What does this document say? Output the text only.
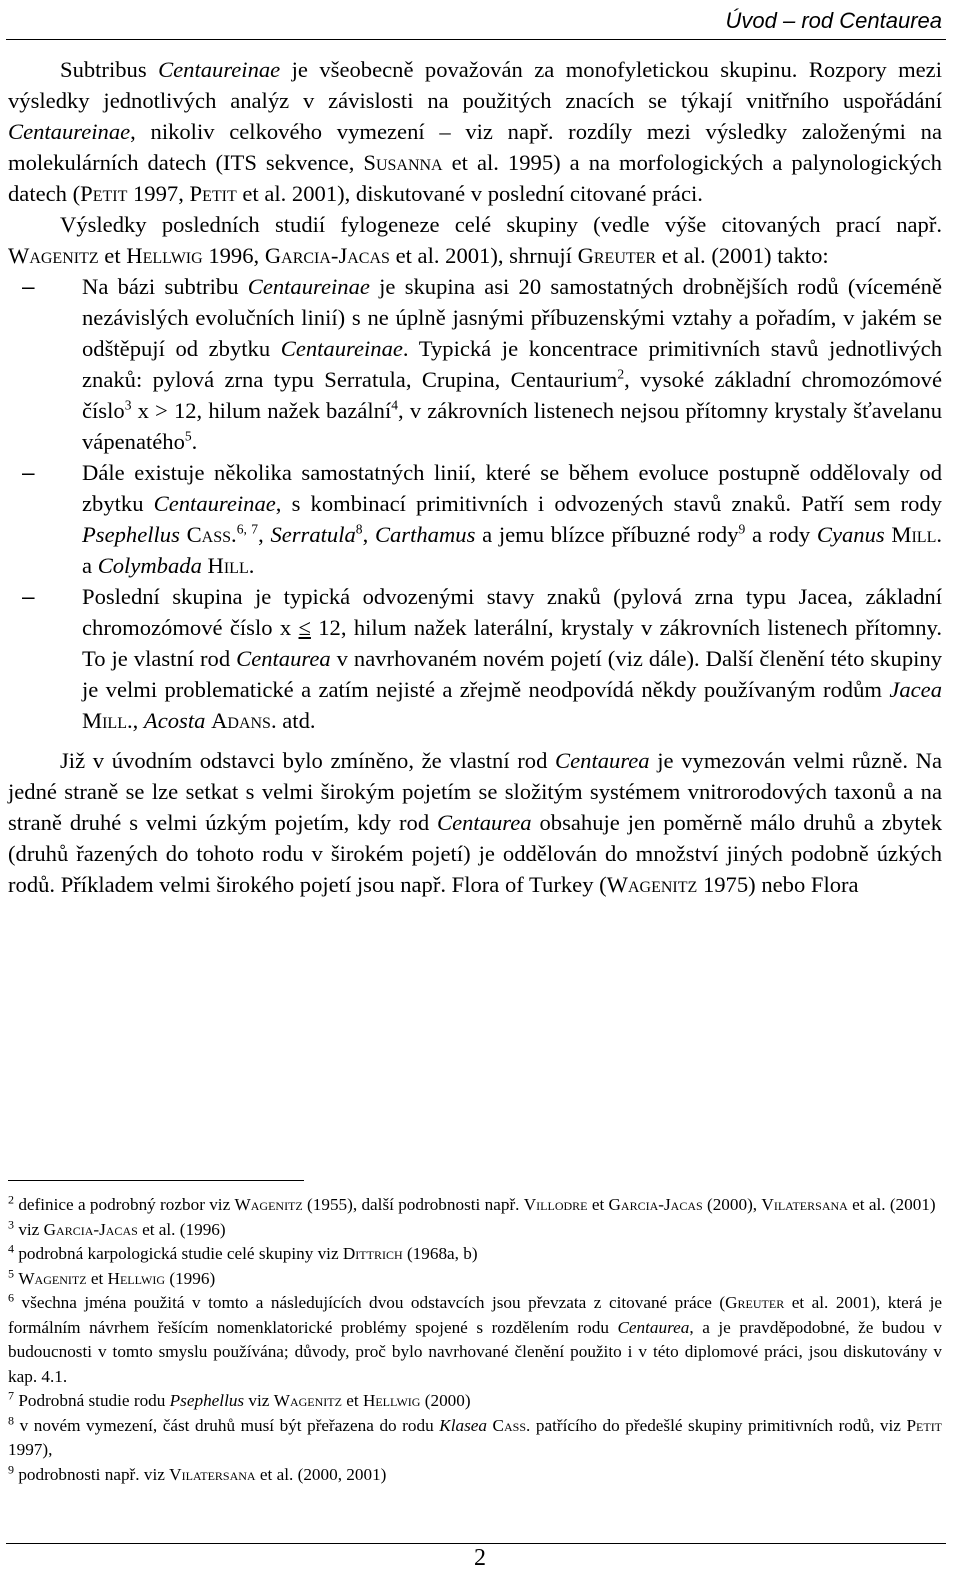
Úvod – rod Centaurea

Subtribus Centaureinae je všeobecně považován za monofyletickou skupinu. Rozpory mezi výsledky jednotlivých analýz v závislosti na použitých znacích se týkají vnitřního uspořádání Centaureinae, nikoliv celkového vymezení – viz např. rozdíly mezi výsledky založenými na molekulárních datech (ITS sekvence, Susanna et al. 1995) a na morfologických a palynologických datech (Petit 1997, Petit et al. 2001), diskutované v poslední citované práci.

Výsledky posledních studií fylogeneze celé skupiny (vedle výše citovaných prací např. Wagenitz et Hellwig 1996, Garcia-Jacas et al. 2001), shrnují Greuter et al. (2001) takto:

– Na bázi subtribu Centaureinae je skupina asi 20 samostatných drobnějších rodů (víceméně nezávislých evolučních linií) s ne úplně jasnými příbuzenskými vztahy a pořadím, v jakém se odštěpují od zbytku Centaureinae. Typická je koncentrace primitivních stavů jednotlivých znaků: pylová zrna typu Serratula, Crupina, Centaurium$^2$, vysoké základní chromozómové číslo$^3$ x > 12, hilum nažek bazální$^4$, v zákrovních listenech nejsou přítomny krystaly šťavelanu vápenatého$^5$.
– Dále existuje několika samostatných linií, které se během evoluce postupně oddělovaly od zbytku Centaureinae, s kombinací primitivních i odvozených stavů znaků. Patří sem rody Psephellus Cass.$^{6, 7}$, Serratula$^8$, Carthamus a jemu blízce příbuzné rody$^9$ a rody Cyanus Mill. a Colymbada Hill.
– Poslední skupina je typická odvozenými stavy znaků (pylová zrna typu Jacea, základní chromozómové číslo x ≤ 12, hilum nažek laterální, krystaly v zákrovních listenech přítomny. To je vlastní rod Centaurea v navrhovaném novém pojetí (viz dále). Další členění této skupiny je velmi problematické a zatím nejisté a zřejmě neodpovídá někdy používaným rodům Jacea Mill., Acosta Adans. atd.

Již v úvodním odstavci bylo zmíněno, že vlastní rod Centaurea je vymezován velmi různě. Na jedné straně se lze setkat s velmi širokým pojetím se složitým systémem vnitrorodových taxonů a na straně druhé s velmi úzkým pojetím, kdy rod Centaurea obsahuje jen poměrně málo druhů a zbytek (druhů řazených do tohoto rodu v širokém pojetí) je oddělován do množství jiných podobně úzkých rodů. Příkladem velmi širokého pojetí jsou např. Flora of Turkey (Wagenitz 1975) nebo Flora

$^2$ definice a podrobný rozbor viz Wagenitz (1955), další podrobnosti např. Villodre et Garcia-Jacas (2000), Vilatersana et al. (2001)

$^3$ viz Garcia-Jacas et al. (1996)

$^4$ podrobná karpologická studie celé skupiny viz Dittrich (1968a, b)

$^5$ Wagenitz et Hellwig (1996)

$^6$ všechna jména použitá v tomto a následujících dvou odstavcích jsou převzata z citované práce (Greuter et al. 2001), která je formálním návrhem řešícím nomenklatorické problémy spojené s rozdělením rodu Centaurea, a je pravděpodobné, že budou v budoucnosti v tomto smyslu používána; důvody, proč bylo navrhované členění použito i v této diplomové práci, jsou diskutovány v kap. 4.1.

$^7$ Podrobná studie rodu Psephellus viz Wagenitz et Hellwig (2000)

$^8$ v novém vymezení, část druhů musí být přeřazena do rodu Klasea Cass. patřícího do předešlé skupiny primitivních rodů, viz Petit 1997),

$^9$ podrobnosti např. viz Vilatersana et al. (2000, 2001)

2
